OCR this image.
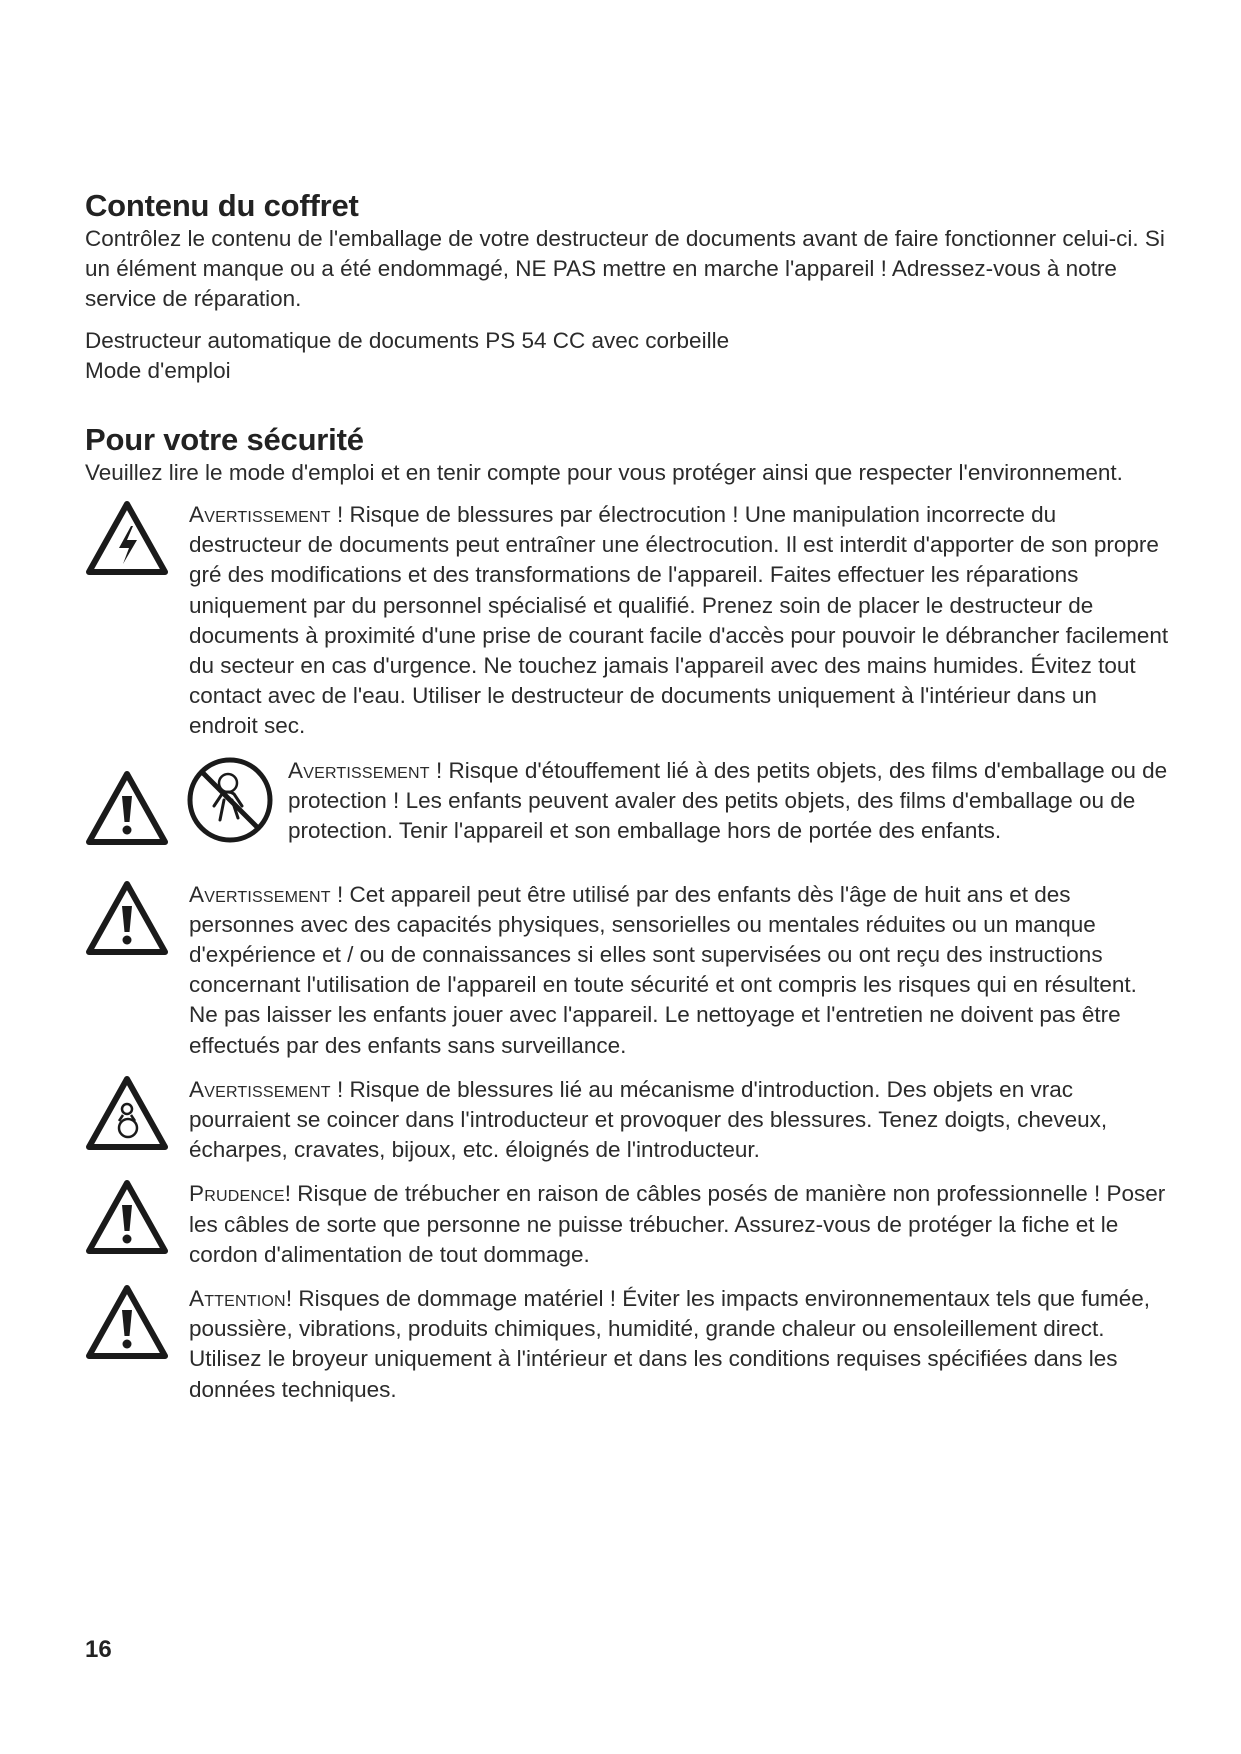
Contenu du coffret

Contrôlez le contenu de l'emballage de votre destructeur de documents avant de faire fonctionner celui-ci. Si un élément manque ou a été endommagé, NE PAS mettre en marche l'appareil ! Adressez-vous à notre service de réparation.

Destructeur automatique de documents PS 54 CC avec corbeille

Mode d'emploi

Pour votre sécurité

Veuillez lire le mode d'emploi et en tenir compte pour vous protéger ainsi que respecter l'environnement.

Avertissement ! Risque de blessures par électrocution ! Une manipulation incorrecte du destructeur de documents peut entraîner une électrocution. Il est interdit d'apporter de son propre gré des modifications et des transformations de l'appareil. Faites effectuer les réparations uniquement par du personnel spécialisé et qualifié. Prenez soin de placer le destructeur de documents à proximité d'une prise de courant facile d'accès pour pouvoir le débrancher facilement du secteur en cas d'urgence. Ne touchez jamais l'appareil avec des mains humides. Évitez tout contact avec de l'eau. Utiliser le destructeur de documents uniquement à l'intérieur dans un endroit sec.

Avertissement ! Risque d'étouffement lié à des petits objets, des films d'emballage ou de protection ! Les enfants peuvent avaler des petits objets, des films d'emballage ou de protection. Tenir l'appareil et son emballage hors de portée des enfants.

Avertissement ! Cet appareil peut être utilisé par des enfants dès l'âge de huit ans et des personnes avec des capacités physiques, sensorielles ou mentales réduites ou un manque d'expérience et / ou de connaissances si elles sont supervisées ou ont reçu des instructions concernant l'utilisation de l'appareil en toute sécurité et ont compris les risques qui en résultent. Ne pas laisser les enfants jouer avec l'appareil. Le nettoyage et l'entretien ne doivent pas être effectués par des enfants sans surveillance.

Avertissement ! Risque de blessures lié au mécanisme d'introduction. Des objets en vrac pourraient se coincer dans l'introducteur et provoquer des blessures. Tenez doigts, cheveux, écharpes, cravates, bijoux, etc. éloignés de l'introducteur.

Prudence! Risque de trébucher en raison de câbles posés de manière non professionnelle ! Poser les câbles de sorte que personne ne puisse trébucher. Assurez-vous de protéger la fiche et le cordon d'alimentation de tout dommage.

Attention! Risques de dommage matériel ! Éviter les impacts environnementaux tels que fumée, poussière, vibrations, produits chimiques, humidité, grande chaleur ou ensoleillement direct. Utilisez le broyeur uniquement à l'intérieur et dans les conditions requises spécifiées dans les données techniques.

16
